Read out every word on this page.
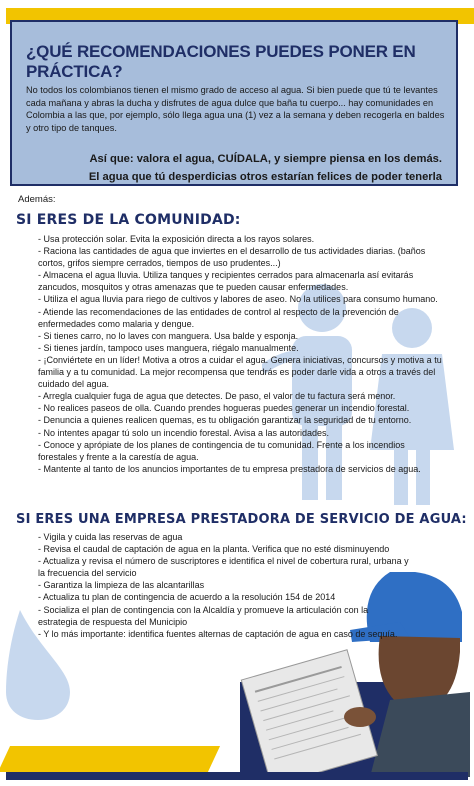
¿QUÉ RECOMENDACIONES PUEDES PONER EN PRÁCTICA?
No todos los colombianos tienen el mismo grado de acceso al agua. Si bien puede que tú te levantes cada mañana y abras la ducha y disfrutes de agua dulce que baña tu cuerpo... hay comunidades en Colombia a las que, por ejemplo, sólo llega agua una (1) vez a la semana y deben recogerla en baldes y otro tipo de tanques.
Así que: valora el agua, CUÍDALA, y siempre piensa en los demás.
El agua que tú desperdicias otros estarían felices de poder tenerla
Además:
SI ERES DE LA COMUNIDAD:
- Usa protección solar. Evita la exposición directa a los rayos solares.
- Raciona las cantidades de agua que inviertes en el desarrollo de tus actividades diarias. (baños cortos, grifos siempre cerrados, tiempos de uso prudentes...)
- Almacena el agua lluvia. Utiliza tanques y recipientes cerrados para almacenarla así evitarás zancudos, mosquitos y otras amenazas que te pueden causar enfermedades.
- Utiliza el agua lluvia para riego de cultivos y labores de aseo. No la utilices para consumo humano.
- Atiende las recomendaciones de las entidades de control al respecto de la prevención de enfermedades como malaria y dengue.
- Si tienes carro, no lo laves con manguera. Usa balde y esponja.
- Si tienes jardín, tampoco uses manguera, riégalo manualmente.
- ¡Conviértete en un líder! Motiva a otros a cuidar el agua. Genera iniciativas, concursos y motiva a tu familia y a tu comunidad. La mejor recompensa que tendrás es poder darle vida a otros a través del cuidado del agua.
- Arregla cualquier fuga de agua que detectes. De paso, el valor de tu factura será menor.
- No realices paseos de olla. Cuando prendes hogueras puedes generar un incendio forestal.
- Denuncia a quienes realicen quemas, es tu obligación garantizar la seguridad de tu entorno.
- No intentes apagar tú solo un incendio forestal. Avisa a las autoridades.
- Conoce y aprópiate de los planes de contingencia de tu comunidad. Frente a los incendios forestales y frente a la carestía de agua.
- Mantente al tanto de los anuncios importantes de tu empresa prestadora de servicios de agua.
SI ERES UNA EMPRESA PRESTADORA DE SERVICIO DE AGUA:
- Vigila y cuida las reservas de agua
- Revisa el caudal de captación de agua en la planta. Verifica que no esté disminuyendo
- Actualiza y revisa el número de suscriptores e identifica el nivel de cobertura rural, urbana y la frecuencia del servicio
- Garantiza la limpieza de las alcantarillas
- Actualiza tu plan de contingencia de acuerdo a la resolución 154 de 2014
- Socializa el plan de contingencia con la Alcaldía y promueve la articulación con la estrategia de respuesta del Municipio
- Y lo más importante: identifica fuentes alternas de captación de agua en caso de sequía.
